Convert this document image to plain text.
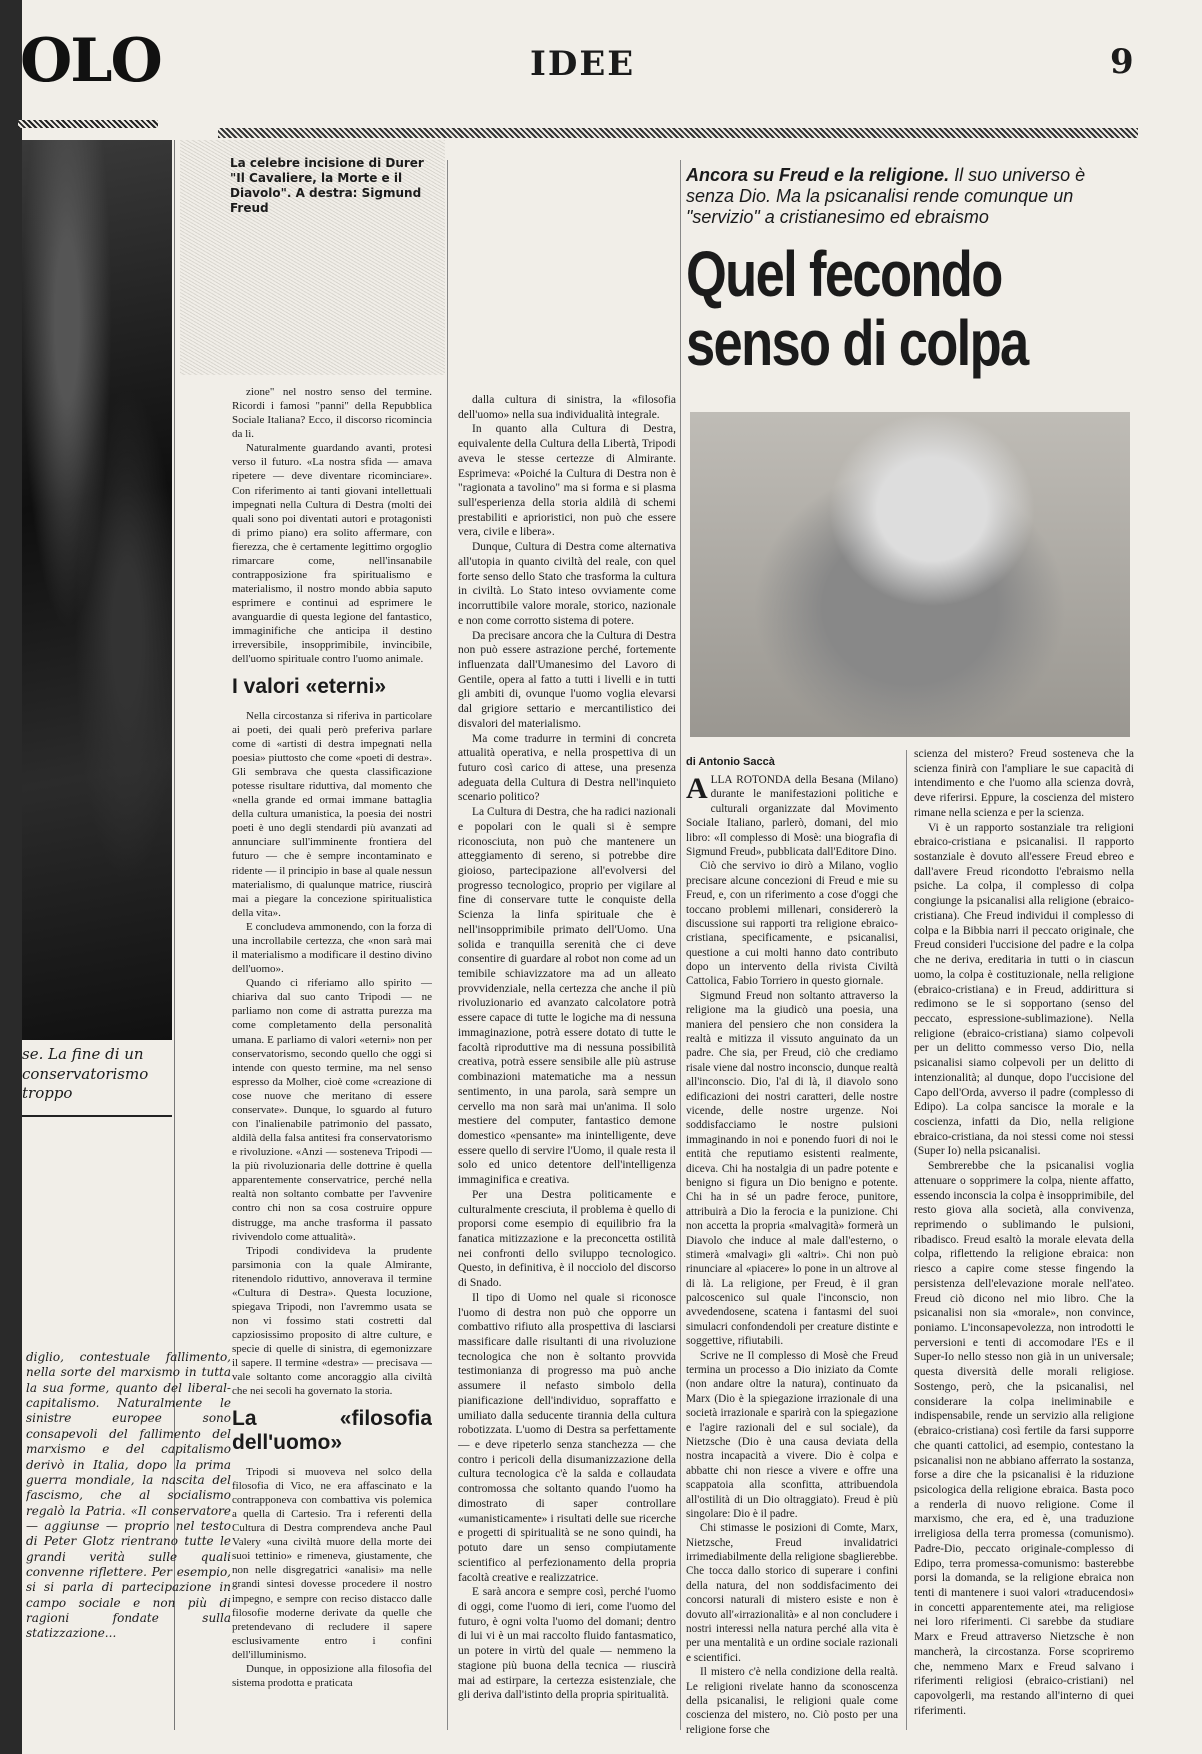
OLO	IDEE	9
se. La fine di un conservatorismo troppo
diglio, contestuale fallimento, nella sorte del marxismo in tutta la sua forme, quanto del liberal-capitalismo. Naturalmente le sinistre europee sono consapevoli del fallimento del marxismo e del capitalismo derivò in Italia, dopo la prima guerra mondiale, la nascita del fascismo, che al socialismo regalò la Patria. «Il conservatore — aggiunse — proprio nel testo di Peter Glotz rientrano tutte le grandi verità sulle quali convenne riflettere. Per esempio, si si parla di partecipazione in campo sociale e non più di ragioni fondate sulla statizzazione...
La celebre incisione di Durer "Il Cavaliere, la Morte e il Diavolo". A destra: Sigmund Freud

zione" nel nostro senso del termine. Ricordi i famosi "panni" della Repubblica Sociale Italiana? Ecco, il discorso ricomincia da lì.

Naturalmente guardando avanti, protesi verso il futuro. «La nostra sfida — amava ripetere — deve diventare ricominciare». Con riferimento ai tanti giovani intellettuali impegnati nella Cultura di Destra (molti dei quali sono poi diventati autori e protagonisti di primo piano) era solito affermare, con fierezza, che è certamente legittimo orgoglio rimarcare come, nell'insanabile contrapposizione fra spiritualismo e materialismo, il nostro mondo abbia saputo esprimere e continui ad esprimere le avanguardie di questa legione del fantastico, immaginifiche che anticipa il destino irreversibile, insopprimibile, invincibile, dell'uomo spirituale contro l'uomo animale.

I valori «eterni»

Nella circostanza si riferiva in particolare ai poeti, dei quali però preferiva parlare come di «artisti di destra impegnati nella poesia» piuttosto che come «poeti di destra». Gli sembrava che questa classificazione potesse risultare riduttiva, dal momento che «nella grande ed ormai immane battaglia della cultura umanistica, la poesia dei nostri poeti è uno degli stendardi più avanzati ad annunciare sull'imminente frontiera del futuro — che è sempre incontaminato e ridente — il principio in base al quale nessun materialismo, di qualunque matrice, riuscirà mai a piegare la concezione spiritualistica della vita».

E concludeva ammonendo, con la forza di una incrollabile certezza, che «non sarà mai il materialismo a modificare il destino divino dell'uomo».

Quando ci riferiamo allo spirito — chiariva dal suo canto Tripodi — ne parliamo non come di astratta purezza ma come completamento della personalità umana. E parliamo di valori «eterni» non per conservatorismo, secondo quello che oggi si intende con questo termine, ma nel senso espresso da Molher, cioè come «creazione di cose nuove che meritano di essere conservate». Dunque, lo sguardo al futuro con l'inalienabile patrimonio del passato, aldilà della falsa antitesi fra conservatorismo e rivoluzione. «Anzi — sosteneva Tripodi — la più rivoluzionaria delle dottrine è quella apparentemente conservatrice, perché nella realtà non soltanto combatte per l'avvenire contro chi non sa cosa costruire oppure distrugge, ma anche trasforma il passato rivivendolo come attualità».

Tripodi condivideva la prudente parsimonia con la quale Almirante, ritenendolo riduttivo, annoverava il termine «Cultura di Destra». Questa locuzione, spiegava Tripodi, non l'avremmo usata se non vi fossimo stati costretti dal capziosissimo proposito di altre culture, e specie di quelle di sinistra, di egemonizzare il sapere. Il termine «destra» — precisava — vale soltanto come ancoraggio alla civiltà che nei secoli ha governato la storia.

La «filosofia dell'uomo»

Tripodi si muoveva nel solco della filosofia di Vico, ne era affascinato e la contrapponeva con combattiva vis polemica a quella di Cartesio. Tra i referenti della Cultura di Destra comprendeva anche Paul Valery «una civiltà muore della morte dei suoi tettinio» e rimeneva, giustamente, che non nelle disgregatrici «analisi» ma nelle grandi sintesi dovesse procedere il nostro impegno, e sempre con reciso distacco dalle filosofie moderne derivate da quelle che pretendevano di recludere il sapere esclusivamente entro i confini dell'illuminismo.

Dunque, in opposizione alla filosofia del sistema prodotta e praticata

dalla cultura di sinistra, la «filosofia dell'uomo» nella sua individualità integrale.

In quanto alla Cultura di Destra, equivalente della Cultura della Libertà, Tripodi aveva le stesse certezze di Almirante. Esprimeva: «Poiché la Cultura di Destra non è "ragionata a tavolino" ma si forma e si plasma sull'esperienza della storia aldilà di schemi prestabiliti e aprioristici, non può che essere vera, civile e libera».

Dunque, Cultura di Destra come alternativa all'utopia in quanto civiltà del reale, con quel forte senso dello Stato che trasforma la cultura in civiltà. Lo Stato inteso ovviamente come incorruttibile valore morale, storico, nazionale e non come corrotto sistema di potere.

Da precisare ancora che la Cultura di Destra non può essere astrazione perché, fortemente influenzata dall'Umanesimo del Lavoro di Gentile, opera al fatto a tutti i livelli e in tutti gli ambiti di, ovunque l'uomo voglia elevarsi dal grigiore settario e mercantilistico dei disvalori del materialismo.

Ma come tradurre in termini di concreta attualità operativa, e nella prospettiva di un futuro così carico di attese, una presenza adeguata della Cultura di Destra nell'inquieto scenario politico?

La Cultura di Destra, che ha radici nazionali e popolari con le quali si è sempre riconosciuta, non può che mantenere un atteggiamento di sereno, si potrebbe dire gioioso, partecipazione all'evolversi del progresso tecnologico, proprio per vigilare al fine di conservare tutte le conquiste della Scienza la linfa spirituale che è nell'insopprimibile primato dell'Uomo. Una solida e tranquilla serenità che ci deve consentire di guardare al robot non come ad un temibile schiavizzatore ma ad un alleato provvidenziale, nella certezza che anche il più rivoluzionario ed avanzato calcolatore potrà essere capace di tutte le logiche ma di nessuna immaginazione, potrà essere dotato di tutte le facoltà riproduttive ma di nessuna possibilità creativa, potrà essere sensibile alle più astruse combinazioni matematiche ma a nessun sentimento, in una parola, sarà sempre un cervello ma non sarà mai un'anima. Il solo mestiere del computer, fantastico demone domestico «pensante» ma inintelligente, deve essere quello di servire l'Uomo, il quale resta il solo ed unico detentore dell'intelligenza immaginifica e creativa.

Per una Destra politicamente e culturalmente cresciuta, il problema è quello di proporsi come esempio di equilibrio fra la fanatica mitizzazione e la preconcetta ostilità nei confronti dello sviluppo tecnologico. Questo, in definitiva, è il nocciolo del discorso di Snado.

Il tipo di Uomo nel quale si riconosce l'uomo di destra non può che opporre un combattivo rifiuto alla prospettiva di lasciarsi massificare dalle risultanti di una rivoluzione tecnologica che non è soltanto provvida testimonianza di progresso ma può anche assumere il nefasto simbolo della pianificazione dell'individuo, sopraffatto e umiliato dalla seducente tirannia della cultura robotizzata. L'uomo di Destra sa perfettamente — e deve ripeterlo senza stanchezza — che contro i pericoli della disumanizzazione della cultura tecnologica c'è la salda e collaudata contromossa che soltanto quando l'uomo ha dimostrato di saper controllare «umanisticamente» i risultati delle sue ricerche e progetti di spiritualità se ne sono quindi, ha potuto dare un senso compiutamente scientifico al perfezionamento della propria facoltà creative e realizzatrice.

E sarà ancora e sempre così, perché l'uomo di oggi, come l'uomo di ieri, come l'uomo del futuro, è ogni volta l'uomo del domani; dentro di lui vi è un mai raccolto fluido fantasmatico, un potere in virtù del quale — nemmeno la stagione più buona della tecnica — riuscirà mai ad estirpare, la certezza esistenziale, che gli deriva dall'istinto della propria spiritualità.

Ancora su Freud e la religione. Il suo universo è senza Dio. Ma la psicanalisi rende comunque un "servizio" a cristianesimo ed ebraismo
Quel fecondo senso di colpa
di Antonio Saccà

ALLA ROTONDA della Besana (Milano) durante le manifestazioni politiche e culturali organizzate dal Movimento Sociale Italiano, parlerò, domani, del mio libro: «Il complesso di Mosè: una biografia di Sigmund Freud», pubblicata dall'Editore Dino.

Ciò che servivo io dirò a Milano, voglio precisare alcune concezioni di Freud e mie su Freud, e, con un riferimento a cose d'oggi che toccano problemi millenari, considererò la discussione sui rapporti tra religione ebraico-cristiana, specificamente, e psicanalisi, questione a cui molti hanno dato contributo dopo un intervento della rivista Civiltà Cattolica, Fabio Torriero in questo giornale.

Sigmund Freud non soltanto attraverso la religione ma la giudicò una poesia, una maniera del pensiero che non considera la realtà e mitizza il vissuto anguinato da un padre. Che sia, per Freud, ciò che crediamo risale viene dal nostro inconscio, dunque realtà all'inconscio. Dio, l'al di là, il diavolo sono edificazioni dei nostri caratteri, delle nostre vicende, delle nostre urgenze. Noi soddisfacciamo le nostre pulsioni immaginando in noi e ponendo fuori di noi le entità che reputiamo esistenti realmente, diceva. Chi ha nostalgia di un padre potente e benigno si figura un Dio benigno e potente. Chi ha in sé un padre feroce, punitore, attribuirà a Dio la ferocia e la punizione. Chi non accetta la propria «malvagità» formerà un Diavolo che induce al male dall'esterno, o stimerà «malvagi» gli «altri». Chi non può rinunciare al «piacere» lo pone in un altrove al di là. La religione, per Freud, è il gran palcoscenico sul quale l'inconscio, non avvedendosene, scatena i fantasmi del suoi simulacri confondendoli per creature distinte e soggettive, rifiutabili.

Scrive ne Il complesso di Mosè che Freud termina un processo a Dio iniziato da Comte (non andare oltre la natura), continuato da Marx (Dio è la spiegazione irrazionale di una società irrazionale e sparirà con la spiegazione e l'agire razionali del e sul sociale), da Nietzsche (Dio è una causa deviata della nostra incapacità a vivere. Dio è colpa e abbatte chi non riesce a vivere e offre una scappatoia alla sconfitta, attribuendola all'ostilità di un Dio oltraggiato). Freud è più singolare: Dio è il padre.

Chi stimasse le posizioni di Comte, Marx, Nietzsche, Freud invalidatrici irrimediabilmente della religione sbaglierebbe. Che tocca dallo storico di superare i confini della natura, del non soddisfacimento dei concorsi naturali di mistero esiste e non è dovuto all'«irrazionalità» e al non concludere i nostri interessi nella natura perché alla vita è per una mentalità e un ordine sociale razionali e scientifici.

Il mistero c'è nella condizione della realtà. Le religioni rivelate hanno da sconoscenza della psicanalisi, le religioni quale come coscienza del mistero, no. Ciò posto per una religione forse che

scienza del mistero? Freud sosteneva che la scienza finirà con l'ampliare le sue capacità di intendimento e che l'uomo alla scienza dovrà, deve riferirsi. Eppure, la coscienza del mistero rimane nella scienza e per la scienza.

Vi è un rapporto sostanziale tra religioni ebraico-cristiana e psicanalisi. Il rapporto sostanziale è dovuto all'essere Freud ebreo e dall'avere Freud ricondotto l'ebraismo nella psiche. La colpa, il complesso di colpa congiunge la psicanalisi alla religione (ebraico-cristiana). Che Freud individui il complesso di colpa e la Bibbia narri il peccato originale, che Freud consideri l'uccisione del padre e la colpa che ne deriva, ereditaria in tutti o in ciascun uomo, la colpa è costituzionale, nella religione (ebraico-cristiana) e in Freud, addirittura si redimono se le si sopportano (senso del peccato, espressione-sublimazione). Nella religione (ebraico-cristiana) siamo colpevoli per un delitto commesso verso Dio, nella psicanalisi siamo colpevoli per un delitto di intenzionalità; al dunque, dopo l'uccisione del Capo dell'Orda, avverso il padre (complesso di Edipo). La colpa sancisce la morale e la coscienza, infatti da Dio, nella religione ebraico-cristiana, da noi stessi come noi stessi (Super Io) nella psicanalisi.

Sembrerebbe che la psicanalisi voglia attenuare o sopprimere la colpa, niente affatto, essendo inconscia la colpa è insopprimibile, del resto giova alla società, alla convivenza, reprimendo o sublimando le pulsioni, ribadisco. Freud esaltò la morale elevata della colpa, riflettendo la religione ebraica: non riesco a capire come stesse fingendo la persistenza dell'elevazione morale nell'ateo. Freud ciò dicono nel mio libro. Che la psicanalisi non sia «morale», non convince, poniamo. L'inconsapevolezza, non introdotti le perversioni e tenti di accomodare l'Es e il Super-Io nello stesso non già in un universale; questa diversità delle morali religiose. Sostengo, però, che la psicanalisi, nel considerare la colpa ineliminabile e indispensabile, rende un servizio alla religione (ebraico-cristiana) così fertile da farsi supporre che quanti cattolici, ad esempio, contestano la psicanalisi non ne abbiano afferrato la sostanza, forse a dire che la psicanalisi è la riduzione psicologica della religione ebraica. Basta poco a renderla di nuovo religione. Come il marxismo, che era, ed è, una traduzione irreligiosa della terra promessa (comunismo). Padre-Dio, peccato originale-complesso di Edipo, terra promessa-comunismo: basterebbe porsi la domanda, se la religione ebraica non tenti di mantenere i suoi valori «traducendosi» in concetti apparentemente atei, ma religiose nei loro riferimenti. Ci sarebbe da studiare Marx e Freud attraverso Nietzsche è non mancherà, la circostanza. Forse scopriremo che, nemmeno Marx e Freud salvano i riferimenti religiosi (ebraico-cristiani) nel capovolgerli, ma restando all'interno di quei riferimenti.
